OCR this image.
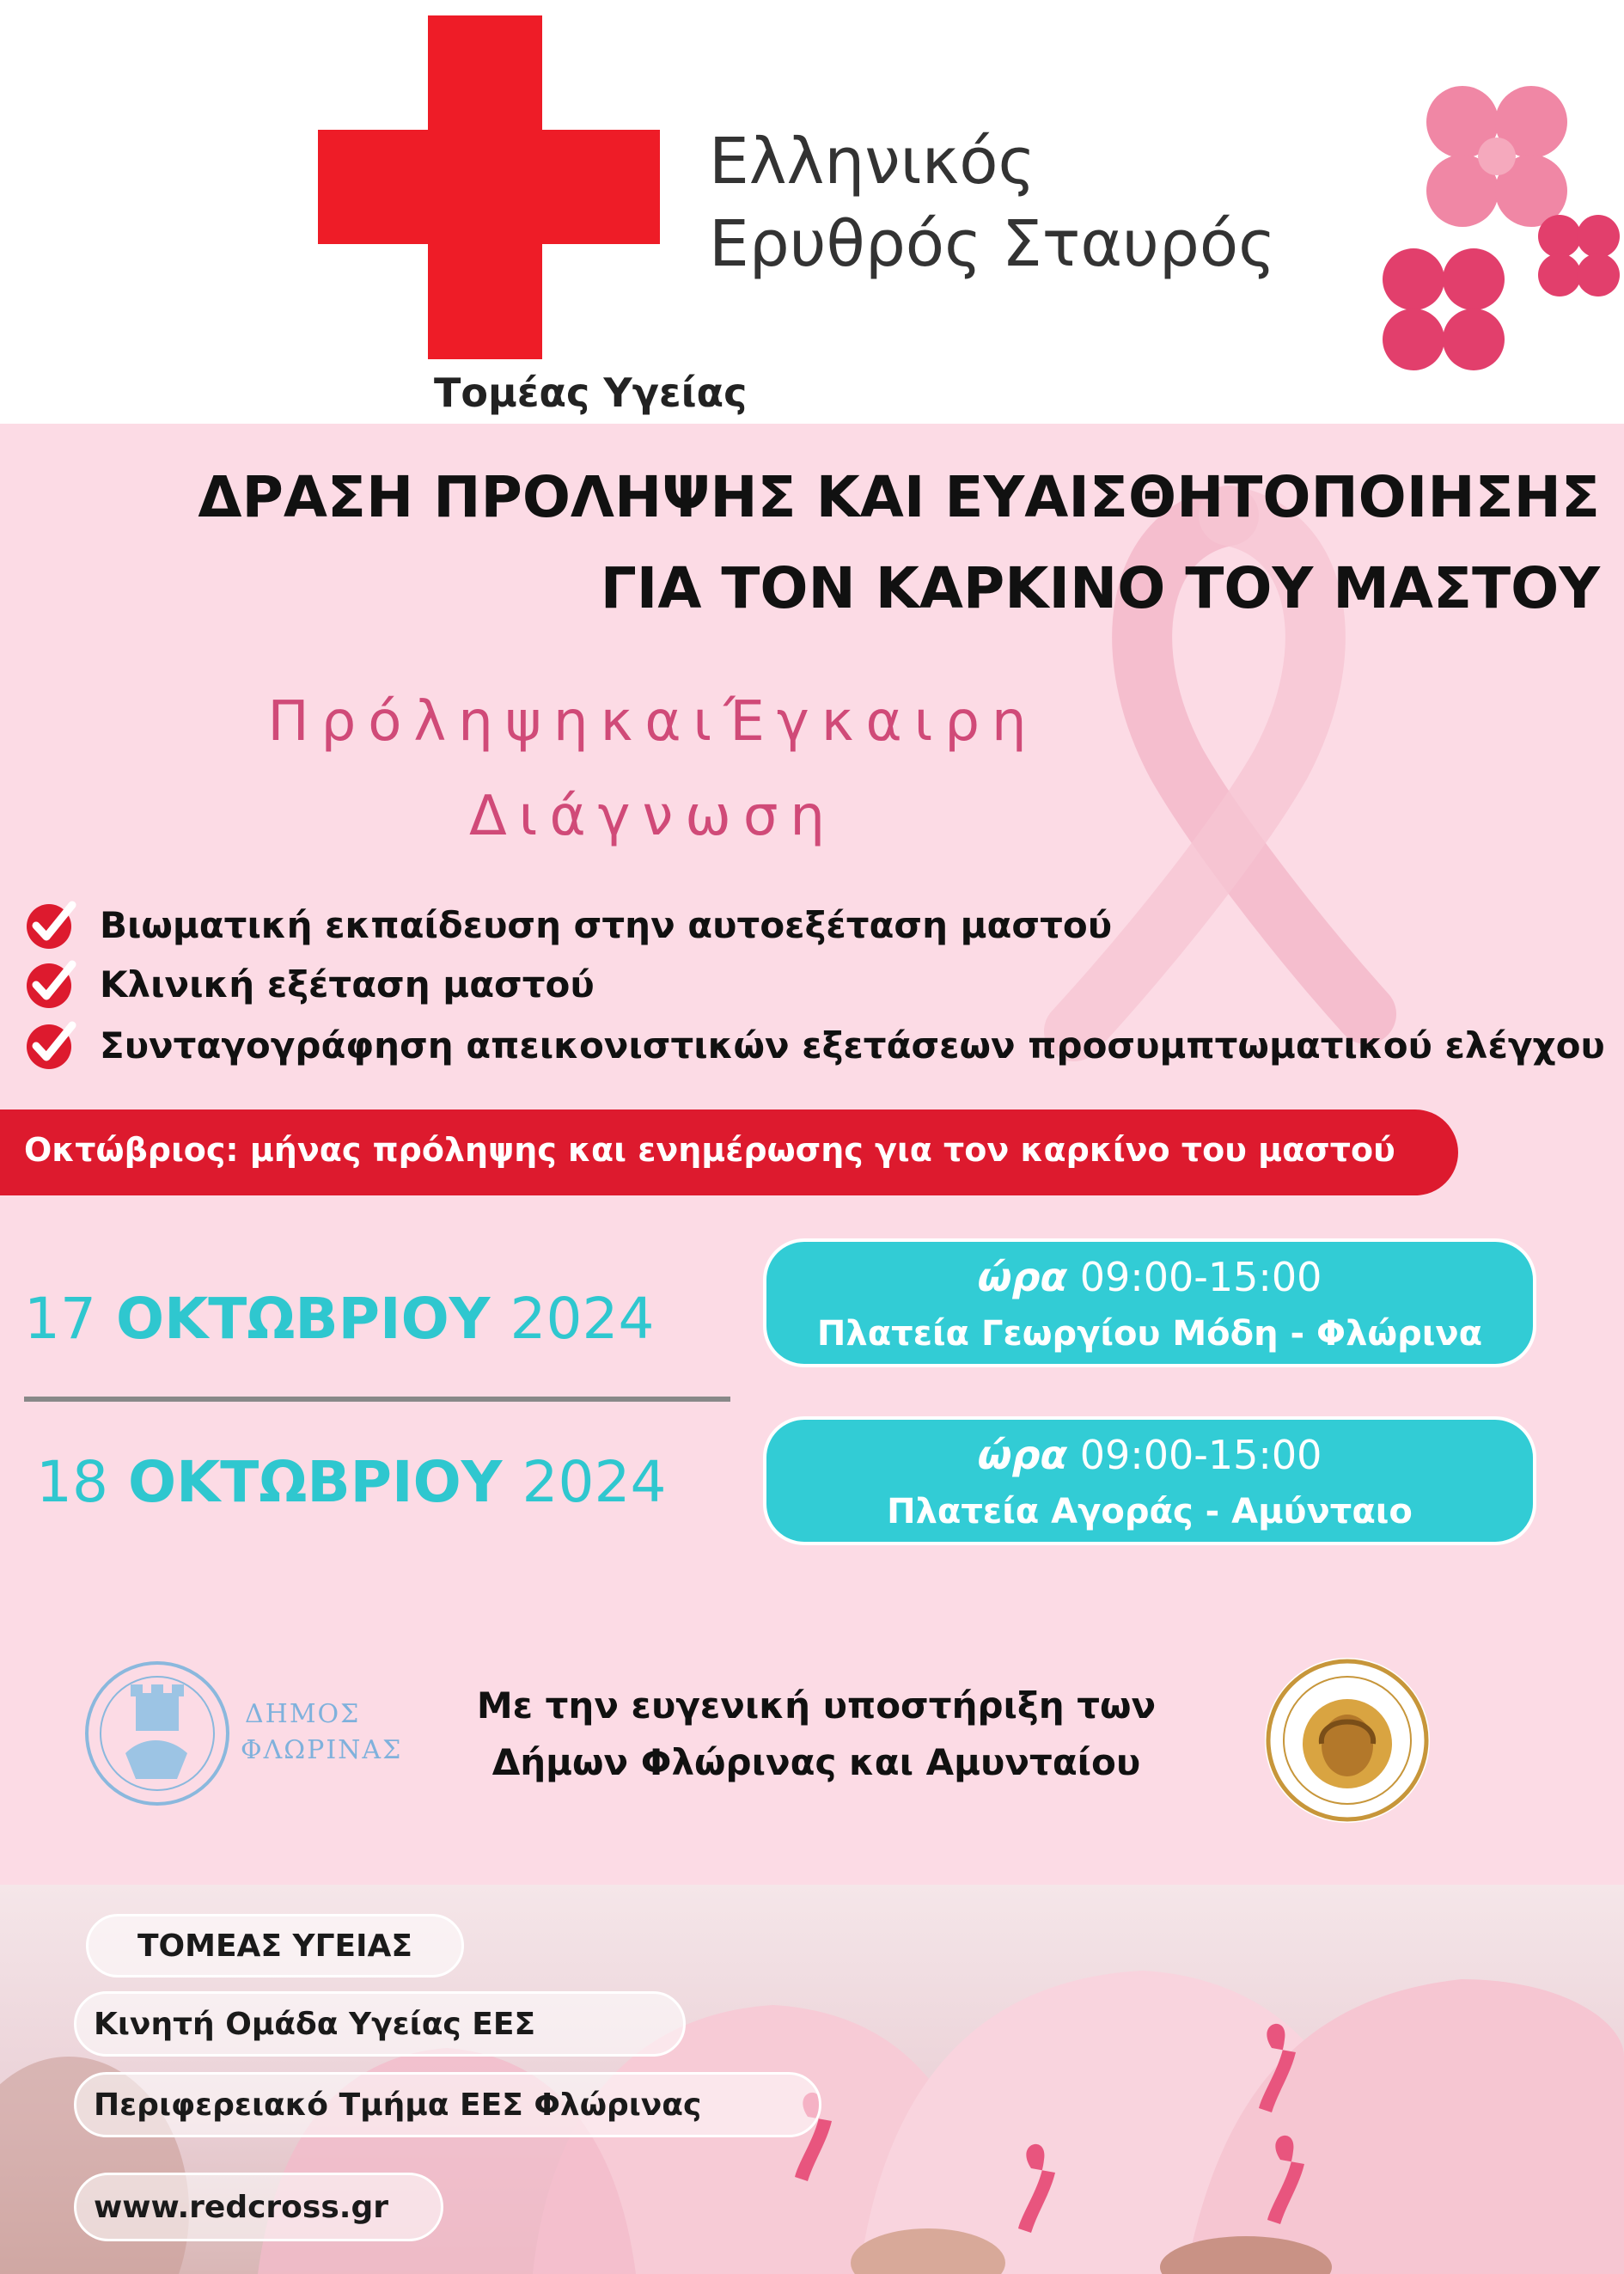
Ελληνικός
Ερυθρός Σταυρός
Τομέας Υγείας
ΔΡΑΣΗ ΠΡΟΛΗΨΗΣ ΚΑΙ ΕΥΑΙΣΘΗΤΟΠΟΙΗΣΗΣ
ΓΙΑ ΤΟΝ ΚΑΡΚΙΝΟ ΤΟΥ ΜΑΣΤΟΥ
ΠρόληψηκαιΈγκαιρη
Διάγνωση
Βιωματική εκπαίδευση στην αυτοεξέταση μαστού
Κλινική εξέταση μαστού
Συνταγογράφηση απεικονιστικών εξετάσεων προσυμπτωματικού ελέγχου
Οκτώβριος: μήνας πρόληψης και ενημέρωσης για τον καρκίνο του μαστού
17 ΟΚΤΩΒΡΙΟΥ 2024
ώρα 09:00-15:00
Πλατεία Γεωργίου Μόδη - Φλώρινα
18 ΟΚΤΩΒΡΙΟΥ 2024	ώρα 09:00-15:00
Πλατεία Αγοράς - Αμύνταιο
ΔΗΜΟΣ
ΦΛΩΡΙΝΑΣ
Με την ευγενική υποστήριξη των
Δήμων Φλώρινας και Αμυνταίου
ΤΟΜΕΑΣ ΥΓΕΙΑΣ
Κινητή Ομάδα Υγείας ΕΕΣ
Περιφερειακό Τμήμα ΕΕΣ Φλώρινας
www.redcross.gr
